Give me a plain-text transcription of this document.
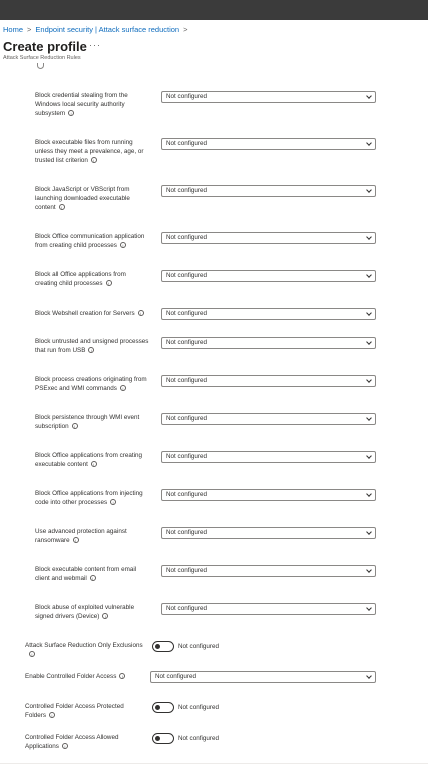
Home > Endpoint security | Attack surface reduction >
Create profile ···
Attack Surface Reduction Rules
Block credential stealing from the
Windows local security authority
subsystem i
Not configured
Block executable files from running
unless they meet a prevalence, age, or
trusted list criterion i
Not configured
Block JavaScript or VBScript from
launching downloaded executable
content i
Not configured
Block Office communication application
from creating child processes i
Not configured
Block all Office applications from
creating child processes i
Not configured
Block Webshell creation for Servers i	Not configured
Block untrusted and unsigned processes
that run from USB i
Not configured
Block process creations originating from
PSExec and WMI commands i
Not configured
Block persistence through WMI event
subscription i
Not configured
Block Office applications from creating
executable content i
Not configured
Block Office applications from injecting
code into other processes i
Not configured
Use advanced protection against
ransomware i
Not configured
Block executable content from email
client and webmail i
Not configured
Block abuse of exploited vulnerable
signed drivers (Device) i
Not configured
Attack Surface Reduction Only Exclusions
i
Not configured
Enable Controlled Folder Access i	Not configured
Controlled Folder Access Protected
Folders i
Not configured
Controlled Folder Access Allowed
Applications i
Not configured
